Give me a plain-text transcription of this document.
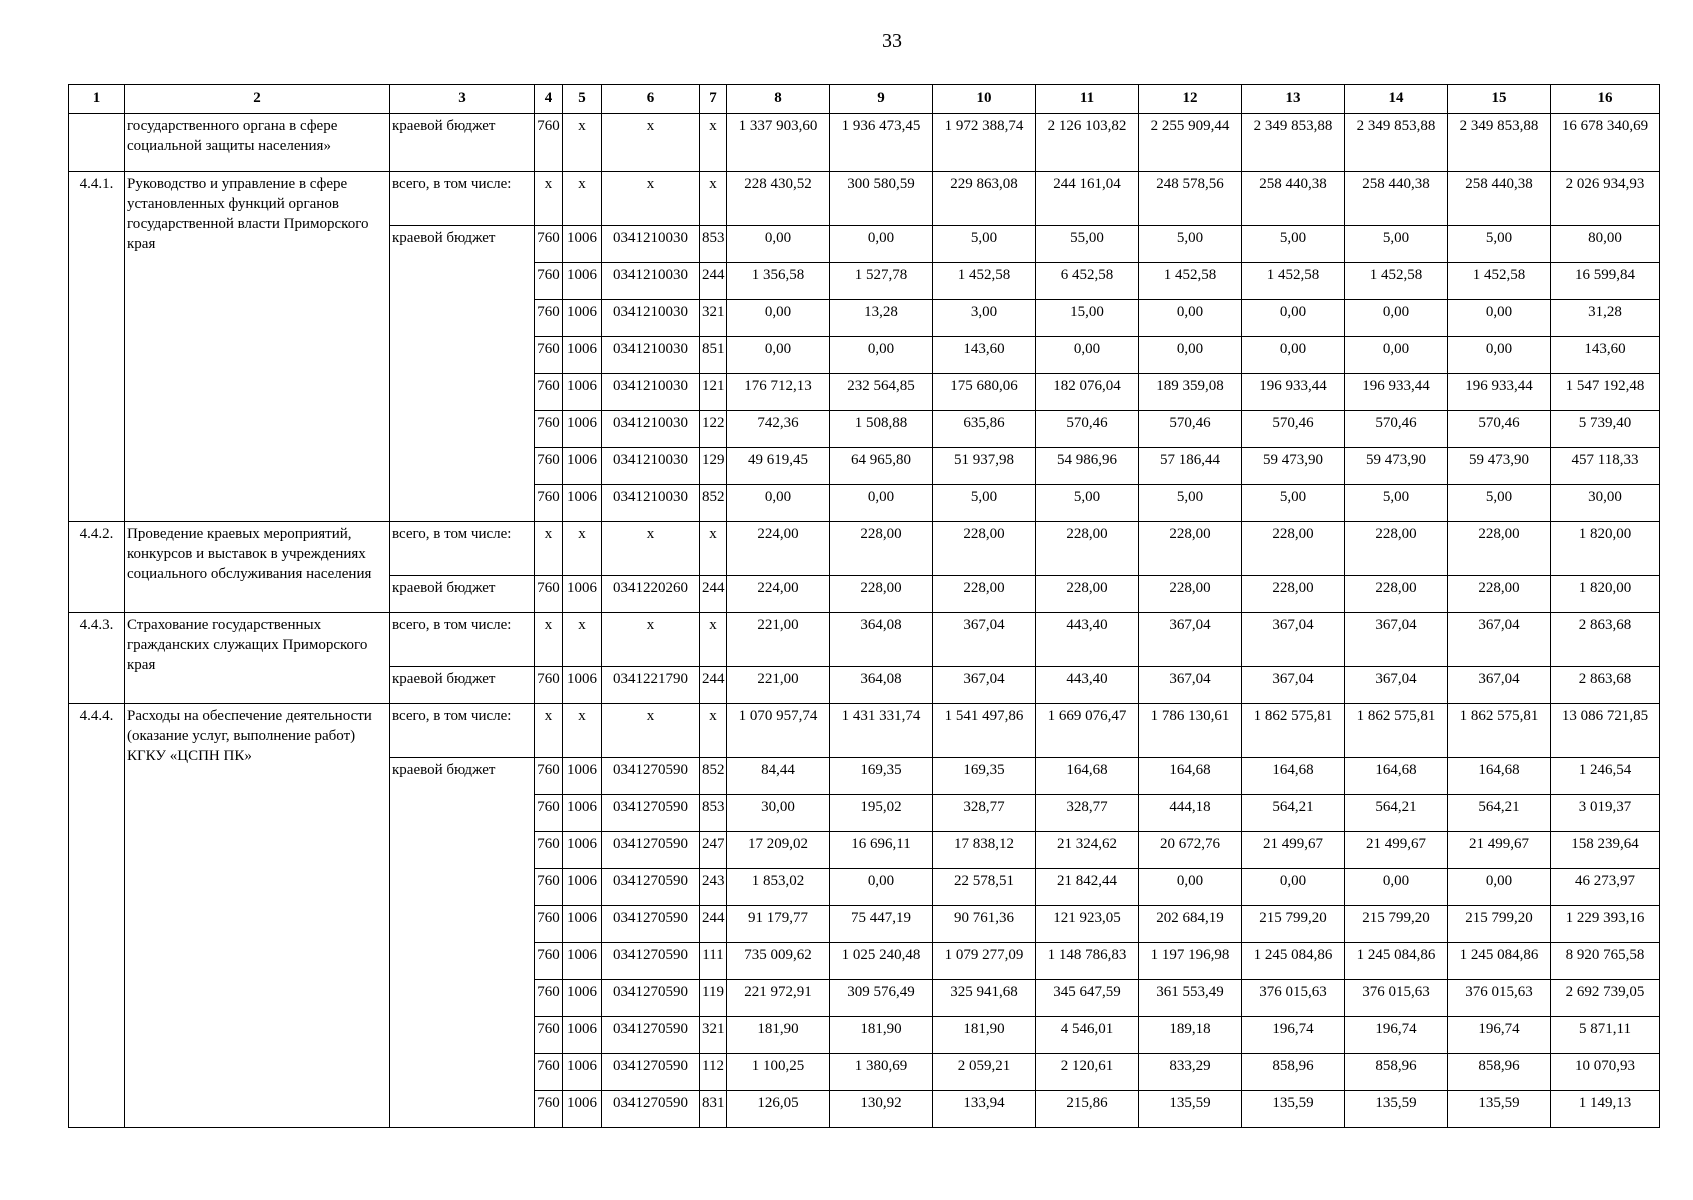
33
1	2	3	4	5	6	7	8	9	10	11	12	13	14	15	16
	государственного органа в сфере социальной защиты населения»	краевой бюджет	760	x	x	x	1 337 903,60	1 936 473,45	1 972 388,74	2 126 103,82	2 255 909,44	2 349 853,88	2 349 853,88	2 349 853,88	16 678 340,69
4.4.1.	Руководство и управление в сфере установленных функций органов государственной власти Приморского края	всего, в том числе:	x	x	x	x	228 430,52	300 580,59	229 863,08	244 161,04	248 578,56	258 440,38	258 440,38	258 440,38	2 026 934,93
		краевой бюджет	760	1006	0341210030	853	0,00	0,00	5,00	55,00	5,00	5,00	5,00	5,00	80,00
			760	1006	0341210030	244	1 356,58	1 527,78	1 452,58	6 452,58	1 452,58	1 452,58	1 452,58	1 452,58	16 599,84
			760	1006	0341210030	321	0,00	13,28	3,00	15,00	0,00	0,00	0,00	0,00	31,28
			760	1006	0341210030	851	0,00	0,00	143,60	0,00	0,00	0,00	0,00	0,00	143,60
			760	1006	0341210030	121	176 712,13	232 564,85	175 680,06	182 076,04	189 359,08	196 933,44	196 933,44	196 933,44	1 547 192,48
			760	1006	0341210030	122	742,36	1 508,88	635,86	570,46	570,46	570,46	570,46	570,46	5 739,40
			760	1006	0341210030	129	49 619,45	64 965,80	51 937,98	54 986,96	57 186,44	59 473,90	59 473,90	59 473,90	457 118,33
			760	1006	0341210030	852	0,00	0,00	5,00	5,00	5,00	5,00	5,00	5,00	30,00
4.4.2.	Проведение краевых мероприятий, конкурсов и выставок в учреждениях социального обслуживания населения	всего, в том числе:	x	x	x	x	224,00	228,00	228,00	228,00	228,00	228,00	228,00	228,00	1 820,00
		краевой бюджет	760	1006	0341220260	244	224,00	228,00	228,00	228,00	228,00	228,00	228,00	228,00	1 820,00
4.4.3.	Страхование государственных гражданских служащих Приморского края	всего, в том числе:	x	x	x	x	221,00	364,08	367,04	443,40	367,04	367,04	367,04	367,04	2 863,68
		краевой бюджет	760	1006	0341221790	244	221,00	364,08	367,04	443,40	367,04	367,04	367,04	367,04	2 863,68
4.4.4.	Расходы на обеспечение деятельности (оказание услуг, выполнение работ) КГКУ «ЦСПН ПК»	всего, в том числе:	x	x	x	x	1 070 957,74	1 431 331,74	1 541 497,86	1 669 076,47	1 786 130,61	1 862 575,81	1 862 575,81	1 862 575,81	13 086 721,85
		краевой бюджет	760	1006	0341270590	852	84,44	169,35	169,35	164,68	164,68	164,68	164,68	164,68	1 246,54
			760	1006	0341270590	853	30,00	195,02	328,77	328,77	444,18	564,21	564,21	564,21	3 019,37
			760	1006	0341270590	247	17 209,02	16 696,11	17 838,12	21 324,62	20 672,76	21 499,67	21 499,67	21 499,67	158 239,64
			760	1006	0341270590	243	1 853,02	0,00	22 578,51	21 842,44	0,00	0,00	0,00	0,00	46 273,97
			760	1006	0341270590	244	91 179,77	75 447,19	90 761,36	121 923,05	202 684,19	215 799,20	215 799,20	215 799,20	1 229 393,16
			760	1006	0341270590	111	735 009,62	1 025 240,48	1 079 277,09	1 148 786,83	1 197 196,98	1 245 084,86	1 245 084,86	1 245 084,86	8 920 765,58
			760	1006	0341270590	119	221 972,91	309 576,49	325 941,68	345 647,59	361 553,49	376 015,63	376 015,63	376 015,63	2 692 739,05
			760	1006	0341270590	321	181,90	181,90	181,90	4 546,01	189,18	196,74	196,74	196,74	5 871,11
			760	1006	0341270590	112	1 100,25	1 380,69	2 059,21	2 120,61	833,29	858,96	858,96	858,96	10 070,93
			760	1006	0341270590	831	126,05	130,92	133,94	215,86	135,59	135,59	135,59	135,59	1 149,13
